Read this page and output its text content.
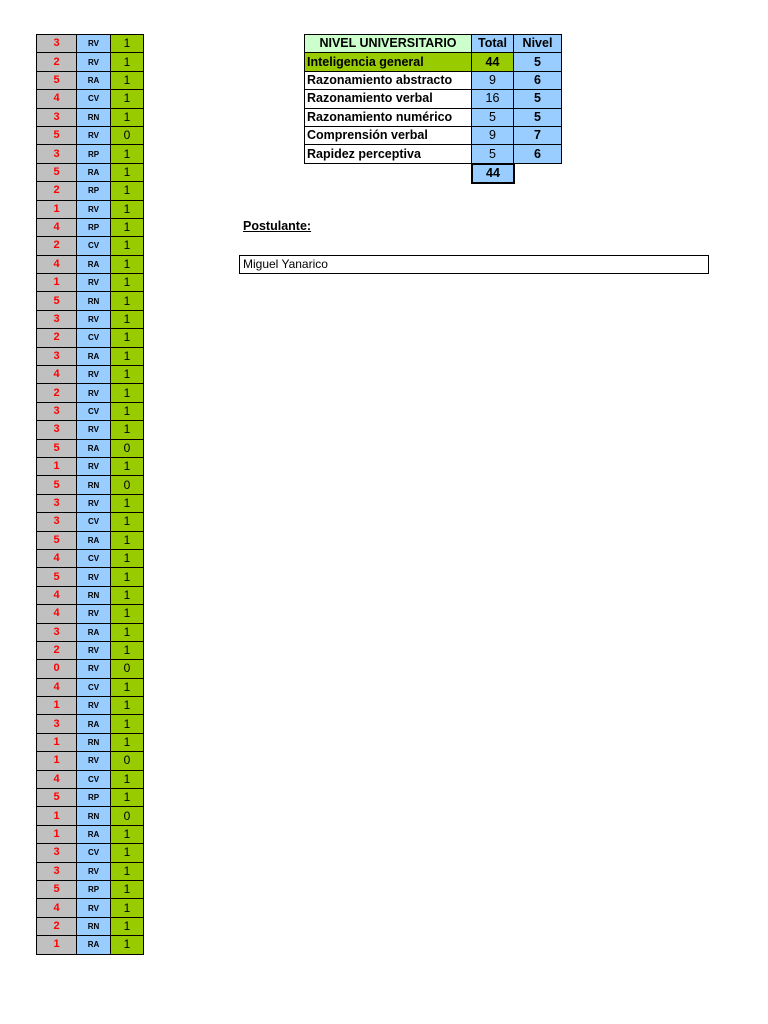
3	RV	1
2	RV	1
5	RA	1
4	CV	1
3	RN	1
5	RV	0
3	RP	1
5	RA	1
2	RP	1
1	RV	1
4	RP	1
2	CV	1
4	RA	1
1	RV	1
5	RN	1
3	RV	1
2	CV	1
3	RA	1
4	RV	1
2	RV	1
3	CV	1
3	RV	1
5	RA	0
1	RV	1
5	RN	0
3	RV	1
3	CV	1
5	RA	1
4	CV	1
5	RV	1
4	RN	1
4	RV	1
3	RA	1
2	RV	1
0	RV	0
4	CV	1
1	RV	1
3	RA	1
1	RN	1
1	RV	0
4	CV	1
5	RP	1
1	RN	0
1	RA	1
3	CV	1
3	RV	1
5	RP	1
4	RV	1
2	RN	1
1	RA	1
NIVEL UNIVERSITARIO	Total	Nivel
Inteligencia general	44	5
Razonamiento abstracto	9	6
Razonamiento verbal	16	5
Razonamiento numérico	5	5
Comprensión verbal	9	7
Rapidez perceptiva	5	6
44
Postulante:
Miguel Yanarico
